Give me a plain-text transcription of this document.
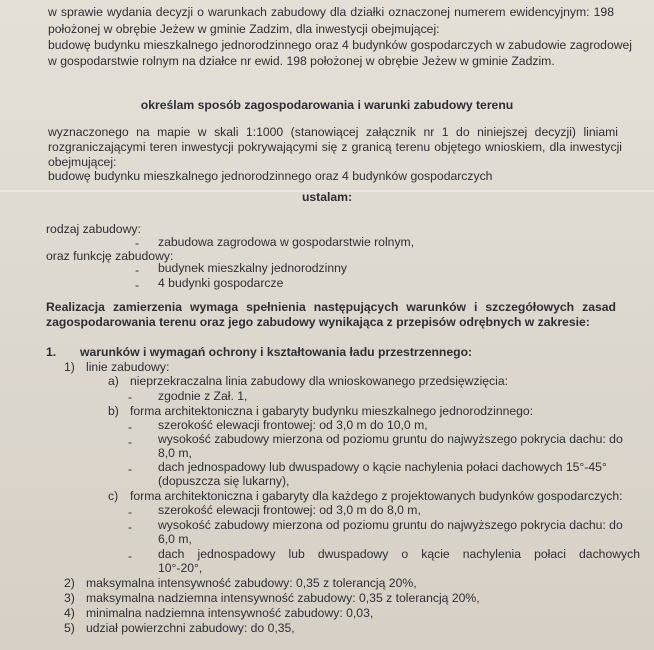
w sprawie wydania decyzji o warunkach zabudowy dla działki oznaczonej numerem ewidencyjnym: 198
położonej w obrębie Jeżew w gminie Zadzim, dla inwestycji obejmującej:
budowę budynku mieszkalnego jednorodzinnego oraz 4 budynków gospodarczych w zabudowie zagrodowej
w gospodarstwie rolnym na działce nr ewid. 198 położonej w obrębie Jeżew w gminie Zadzim.
określam sposób zagospodarowania i warunki zabudowy terenu
wyznaczonego na mapie w skali 1:1000 (stanowiącej załącznik nr 1 do niniejszej decyzji) liniami
rozgraniczającymi teren inwestycji pokrywającymi się z granicą terenu objętego wnioskiem, dla inwestycji
obejmującej:
budowę budynku mieszkalnego jednorodzinnego oraz 4 budynków gospodarczych
ustalam:
rodzaj zabudowy:
- zabudowa zagrodowa w gospodarstwie rolnym,
oraz funkcję zabudowy:
- budynek mieszkalny jednorodzinny
- 4 budynki gospodarcze
Realizacja zamierzenia wymaga spełnienia następujących warunków i szczegółowych zasad
zagospodarowania terenu oraz jego zabudowy wynikająca z przepisów odrębnych w zakresie:
1. warunków i wymagań ochrony i kształtowania ładu przestrzennego:
1) linie zabudowy:
a) nieprzekraczalna linia zabudowy dla wnioskowanego przedsięwzięcia:
- zgodnie z Zał. 1,
b) forma architektoniczna i gabaryty budynku mieszkalnego jednorodzinnego:
- szerokość elewacji frontowej: od 3,0 m do 10,0 m,
- wysokość zabudowy mierzona od poziomu gruntu do najwyższego pokrycia dachu: do
8,0 m,
- dach jednospadowy lub dwuspadowy o kącie nachylenia połaci dachowych 15°-45°
(dopuszcza się lukarny),
c) forma architektoniczna i gabaryty dla każdego z projektowanych budynków gospodarczych:
- szerokość elewacji frontowej: od 3,0 m do 8,0 m,
- wysokość zabudowy mierzona od poziomu gruntu do najwyższego pokrycia dachu: do
6,0 m,
- dach jednospadowy lub dwuspadowy o kącie nachylenia połaci dachowych
10°-20°,
2) maksymalna intensywność zabudowy: 0,35 z tolerancją 20%,
3) maksymalna nadziemna intensywność zabudowy: 0,35 z tolerancją 20%,
4) minimalna nadziemna intensywność zabudowy: 0,03,
5) udział powierzchni zabudowy: do 0,35,
